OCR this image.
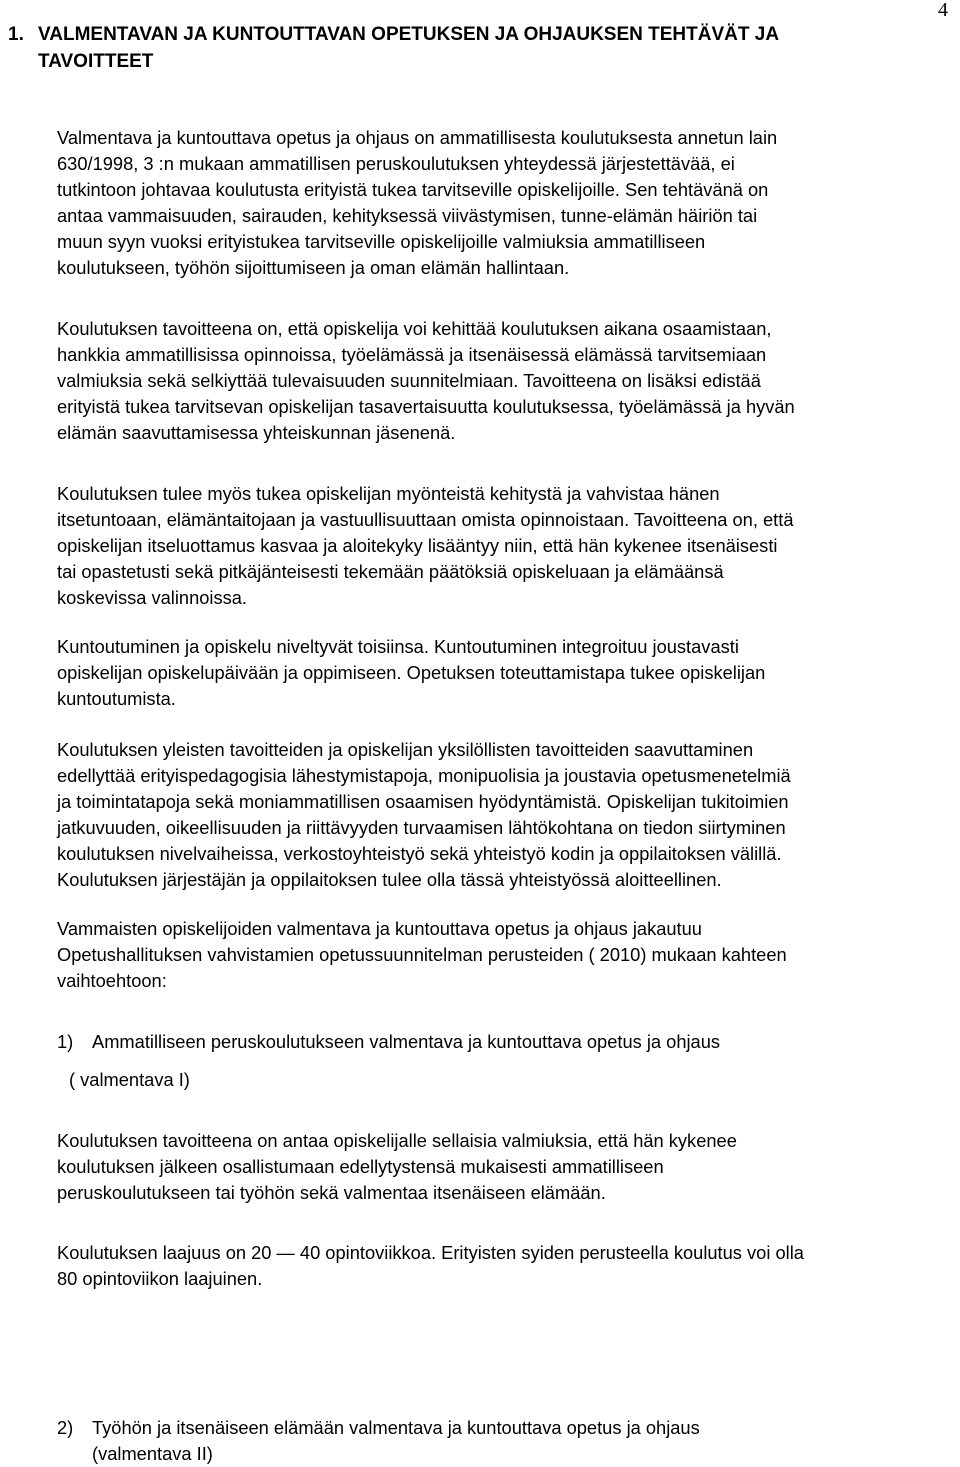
4
1. VALMENTAVAN JA KUNTOUTTAVAN OPETUKSEN JA OHJAUKSEN TEHTÄVÄT JA
TAVOITTEET

Valmentava ja kuntouttava opetus ja ohjaus on ammatillisesta koulutuksesta annetun lain
630/1998, 3 :n mukaan ammatillisen peruskoulutuksen yhteydessä järjestettävää, ei
tutkintoon johtavaa koulutusta erityistä tukea tarvitseville opiskelijoille. Sen tehtävänä on
antaa vammaisuuden, sairauden, kehityksessä viivästymisen, tunne-elämän häiriön tai
muun syyn vuoksi erityistukea tarvitseville opiskelijoille valmiuksia ammatilliseen
koulutukseen, työhön sijoittumiseen ja oman elämän hallintaan.

Koulutuksen tavoitteena on, että opiskelija voi kehittää koulutuksen aikana osaamistaan,
hankkia ammatillisissa opinnoissa, työelämässä ja itsenäisessä elämässä tarvitsemiaan
valmiuksia sekä selkiyttää tulevaisuuden suunnitelmiaan. Tavoitteena on lisäksi edistää
erityistä tukea tarvitsevan opiskelijan tasavertaisuutta koulutuksessa, työelämässä ja hyvän
elämän saavuttamisessa yhteiskunnan jäsenenä.

Koulutuksen tulee myös tukea opiskelijan myönteistä kehitystä ja vahvistaa hänen
itsetuntoaan, elämäntaitojaan ja vastuullisuuttaan omista opinnoistaan. Tavoitteena on, että
opiskelijan itseluottamus kasvaa ja aloitekyky lisääntyy niin, että hän kykenee itsenäisesti
tai opastetusti sekä pitkäjänteisesti tekemään päätöksiä opiskeluaan ja elämäänsä
koskevissa valinnoissa.

Kuntoutuminen ja opiskelu niveltyvät toisiinsa. Kuntoutuminen integroituu joustavasti
opiskelijan opiskelupäivään ja oppimiseen. Opetuksen toteuttamistapa tukee opiskelijan
kuntoutumista.

Koulutuksen yleisten tavoitteiden ja opiskelijan yksilöllisten tavoitteiden saavuttaminen
edellyttää erityispedagogisia lähestymistapoja, monipuolisia ja joustavia opetusmenetelmiä
ja toimintatapoja sekä moniammatillisen osaamisen hyödyntämistä. Opiskelijan tukitoimien
jatkuvuuden, oikeellisuuden ja riittävyyden turvaamisen lähtökohtana on tiedon siirtyminen
koulutuksen nivelvaiheissa, verkostoyhteistyö sekä yhteistyö kodin ja oppilaitoksen välillä.
Koulutuksen järjestäjän ja oppilaitoksen tulee olla tässä yhteistyössä aloitteellinen.

Vammaisten opiskelijoiden valmentava ja kuntouttava opetus ja ohjaus jakautuu
Opetushallituksen vahvistamien opetussuunnitelman perusteiden ( 2010) mukaan kahteen
vaihtoehtoon:

1) Ammatilliseen peruskoulutukseen valmentava ja kuntouttava opetus ja ohjaus
( valmentava I)

Koulutuksen tavoitteena on antaa opiskelijalle sellaisia valmiuksia, että hän kykenee
koulutuksen jälkeen osallistumaan edellytystensä mukaisesti ammatilliseen
peruskoulutukseen tai työhön sekä valmentaa itsenäiseen elämään.

Koulutuksen laajuus on 20 — 40 opintoviikkoa. Erityisten syiden perusteella koulutus voi olla
80 opintoviikon laajuinen.

2) Työhön ja itsenäiseen elämään valmentava ja kuntouttava opetus ja ohjaus
(valmentava II)
